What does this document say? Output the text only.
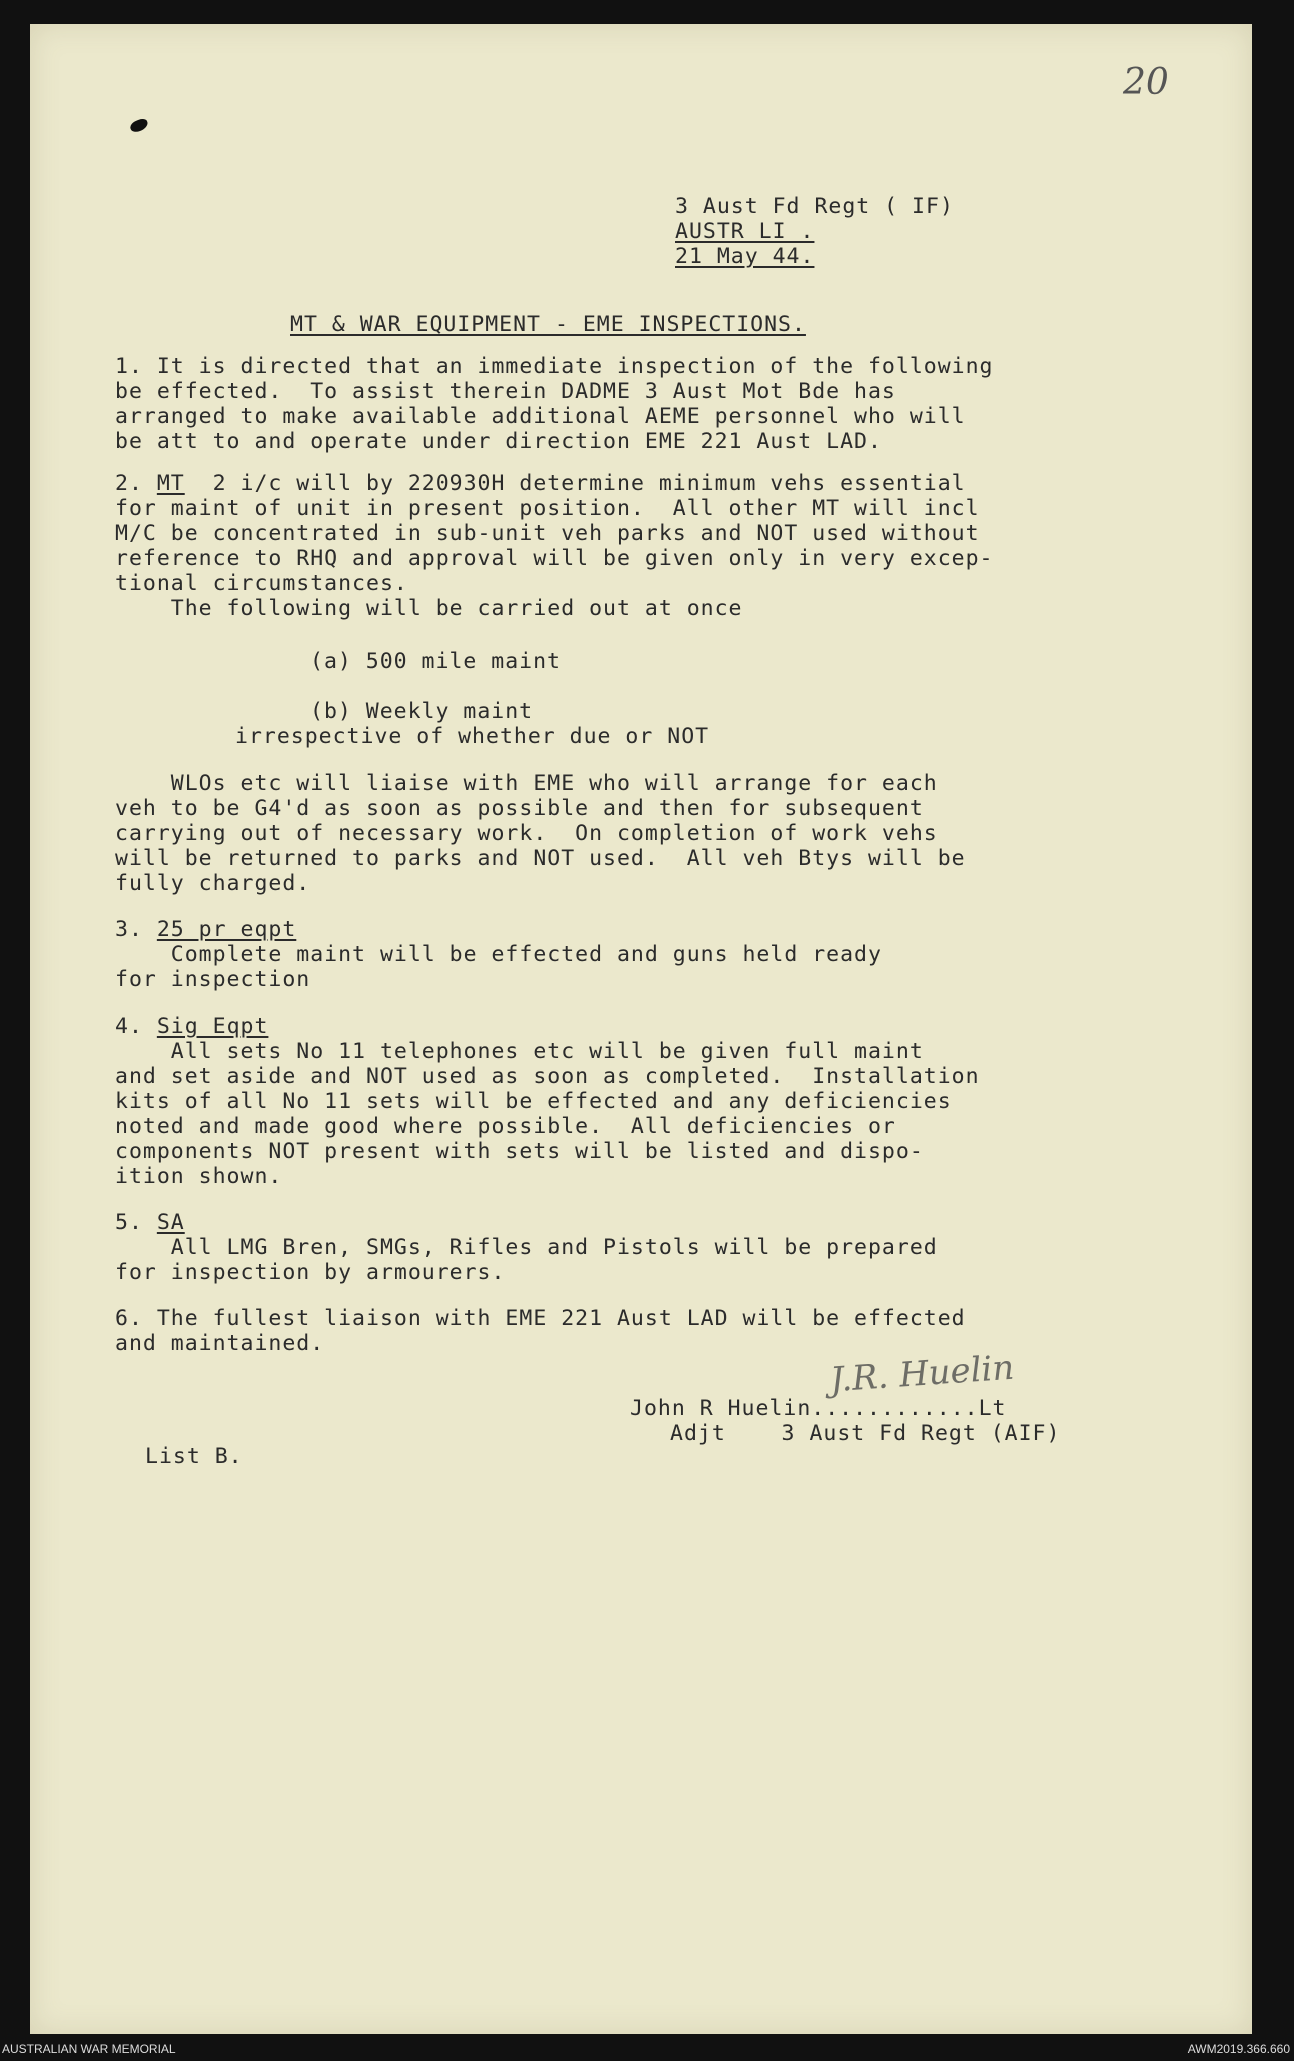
20
3 Aust Fd Regt ( IF)
AUSTR LI .
21 May 44.
MT & WAR EQUIPMENT - EME INSPECTIONS.
1. It is directed that an immediate inspection of the following
be effected.  To assist therein DADME 3 Aust Mot Bde has
arranged to make available additional AEME personnel who will
be att to and operate under direction EME 221 Aust LAD.
2. MT  2 i/c will by 220930H determine minimum vehs essential
for maint of unit in present position.  All other MT will incl
M/C be concentrated in sub-unit veh parks and NOT used without
reference to RHQ and approval will be given only in very excep-
tional circumstances.
The following will be carried out at once
(a) 500 mile maint
(b) Weekly maint
irrespective of whether due or NOT
WLOs etc will liaise with EME who will arrange for each
veh to be G4'd as soon as possible and then for subsequent
carrying out of necessary work.  On completion of work vehs
will be returned to parks and NOT used.  All veh Btys will be
fully charged.
3. 25 pr eqpt
Complete maint will be effected and guns held ready
for inspection
4. Sig Eqpt
All sets No 11 telephones etc will be given full maint
and set aside and NOT used as soon as completed.  Installation
kits of all No 11 sets will be effected and any deficiencies
noted and made good where possible.  All deficiencies or
components NOT present with sets will be listed and dispo-
ition shown.
5. SA
All LMG Bren, SMGs, Rifles and Pistols will be prepared
for inspection by armourers.
6. The fullest liaison with EME 221 Aust LAD will be effected
and maintained.
J.R. Huelin
John R Huelin............Lt
Adjt    3 Aust Fd Regt (AIF)
List B.
AUSTRALIAN WAR MEMORIAL	AWM2019.366.660
